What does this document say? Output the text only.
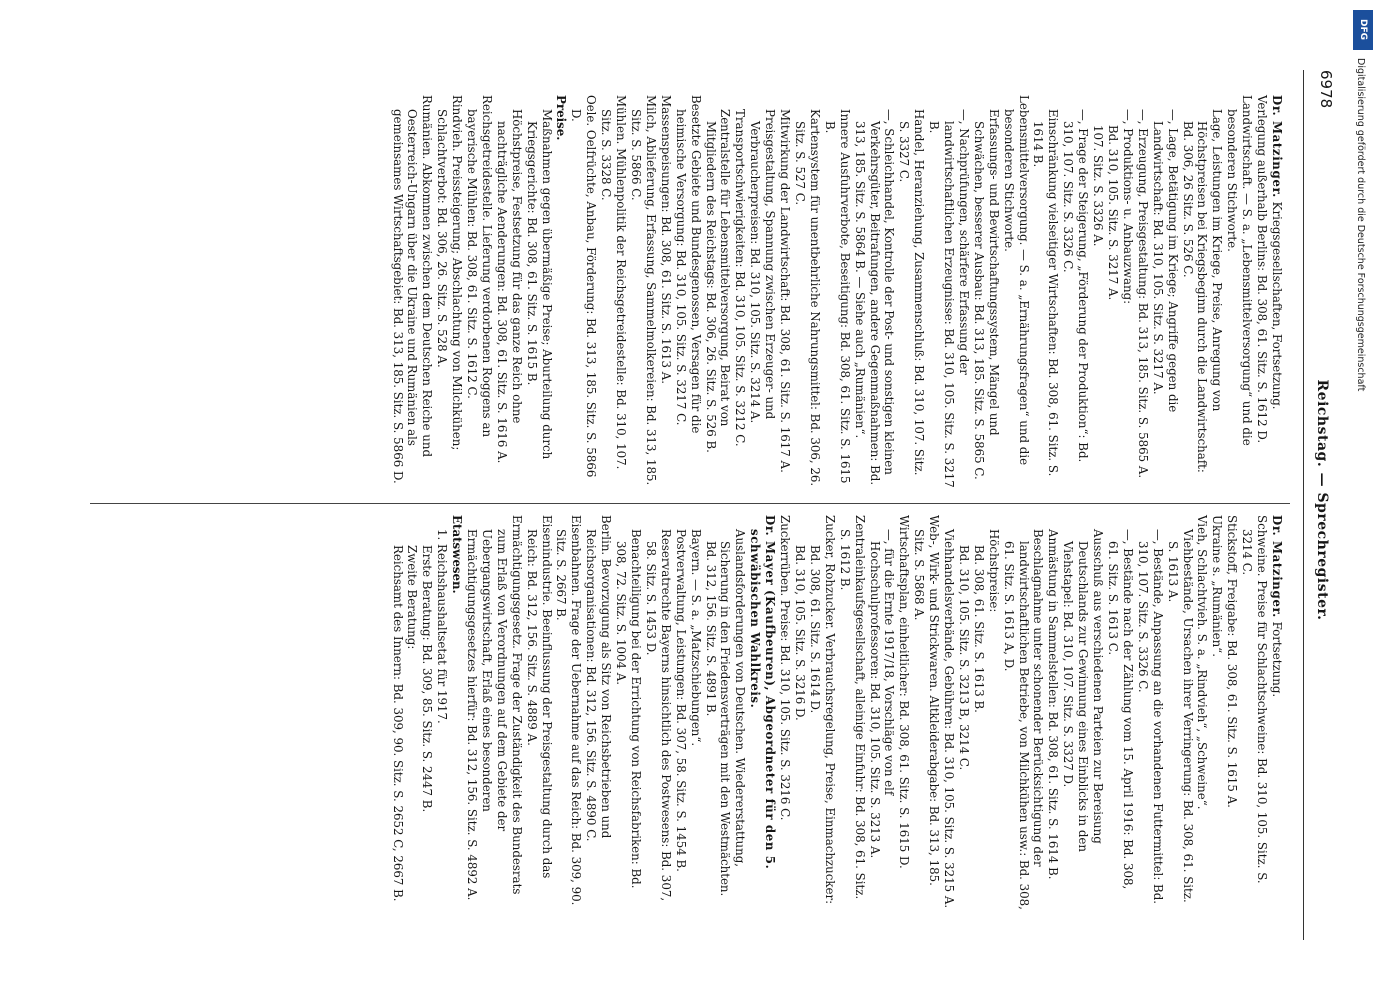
6978
Reichstag. — Sprechregister.

Dr. Matzinger. Kriegsgesellschaften, Fortsetzung.

Verlegung außerhalb Berlins: Bd. 308, 61. Sitz. S. 1612 D.

Landwirtschaft. — S. a. „Lebensmittelversorgung“ und die besonderen Stichworte.

Lage, Leistungen im Kriege, Preise, Anregung von Höchstpreisen bei Kriegsbeginn durch die Landwirtschaft: Bd. 306, 26 Sitz. S. 526 C.

—, Lage, Betätigung im Kriege; Angriffe gegen die Landwirtschaft: Bd. 310, 105. Sitz. S. 3217 A.

—, Erzeugung, Preisgestaltung: Bd. 313, 185. Sitz. S. 5865 A.

—, Produktions- u. Anbauzwang:

Bd. 310, 105. Sitz. S. 3217 A.

107. Sitz. S. 3326 A.

—, Frage der Steigerung, „Förderung der Produktion“: Bd. 310, 107. Sitz. S. 3326 C.

Einschränkung vielseitiger Wirtschaften: Bd. 308, 61. Sitz. S. 1614 B.

Lebensmittelversorgung. — S. a. „Ernährungsfragen“ und die besonderen Stichworte.

Erfassungs- und Bewirtschaftungssystem, Mängel und Schwächen, besserer Ausbau: Bd. 313, 185. Sitz. S. 5865 C.

—, Nachprüfungen, schärfere Erfassung der landwirtschaftlichen Erzeugnisse: Bd. 310, 105. Sitz. S. 3217 B.

Handel, Heranziehung, Zusammenschluß: Bd. 310, 107. Sitz. S. 3327 C.

—, Schleichhandel, Kontrolle der Post- und sonstigen kleinen Verkehrsgüter, Beitrafungen, andere Gegenmaßnahmen: Bd. 313, 185. Sitz. S. 5864 B. — Siehe auch „Rumänien“.

Innere Ausfuhrverbote, Beseitigung: Bd. 308, 61. Sitz. S. 1615 B.

Kartensystem für unentbehrliche Nahrungsmittel: Bd. 306, 26. Sitz. S. 527 C.

Mitwirkung der Landwirtschaft: Bd. 308, 61. Sitz. S. 1617 A.

Preisgestaltung, Spannung zwischen Erzeuger- und Verbraucherpreisen: Bd. 310, 105. Sitz. S. 3214 A.

Transportschwierigkeiten: Bd. 310, 105. Sitz. S. 3212 C.

Zentralstelle für Lebensmittelversorgung, Beirat von Mitgliedern des Reichstags: Bd. 306, 26. Sitz. S. 526 B.

Besetzte Gebiete und Bundesgenossen, Versagen für die heimische Versorgung: Bd. 310, 105. Sitz. S. 3217 C.

Massenspeisungen: Bd. 308, 61. Sitz. S. 1613 A.

Milch, Ablieferung, Erfassung, Sammelmolkereien: Bd. 313, 185. Sitz. S. 5866 C.

Mühlen. Mühlenpolitik der Reichsgetreidestelle: Bd. 310, 107. Sitz. S. 3328 C.

Oele. Oelfrüchte, Anbau, Förderung: Bd. 313, 185. Sitz. S. 5866 D.

Preise.

Maßnahmen gegen übermäßige Preise; Aburteilung durch Kriegsgerichte: Bd. 308, 61. Sitz. S. 1615 B.

Höchstpreise, Festsetzung für das ganze Reich ohne nachträgliche Aenderungen: Bd. 308, 61. Sitz. S. 1616 A.

Reichsgetreidestelle. Lieferung verdorbenen Roggens an bayerische Mühlen: Bd. 308, 61. Sitz. S. 1612 C.

Rindvieh. Preissteigerung; Abschlachtung von Milchkühen; Schlachtverbot: Bd. 306, 26. Sitz. S. 528 A.

Rumänien. Abkommen zwischen dem Deutschen Reiche und Oesterreich-Ungarn über die Ukraine und Rumänien als gemeinsames Wirtschaftsgebiet: Bd. 313, 185. Sitz. S. 5866 D.

Dr. Matzinger. Fortsetzung.

Schweine. Preise für Schlachtschweine: Bd. 310, 105. Sitz. S. 3214 C.

Stickstoff, Freigabe: Bd. 308, 61. Sitz. S. 1615 A.

Ukraine s. „Rumänien“.

Vieh, Schlachtvieh. S. a. „Rindvieh“, „Schweine“.

Viehbestände, Ursachen ihrer Verringerung: Bd. 308, 61. Sitz. S. 1613 A.

—, Bestände, Anpassung an die vorhandenen Futtermittel: Bd. 310, 107. Sitz. S. 3326 C.

—, Bestände nach der Zählung vom 15. April 1916: Bd. 308, 61. Sitz. S. 1613 C.

Ausschuß aus verschiedenen Parteien zur Bereisung Deutschlands zur Gewinnung eines Einblicks in den Viehstapel: Bd. 310, 107. Sitz. S. 3327 D.

Anmästung in Sammelstellen: Bd. 308, 61. Sitz. S. 1614 B.

Beschlagnahme unter schonender Berücksichtigung der landwirtschaftlichen Betriebe, von Milchkühen usw.: Bd. 308, 61. Sitz. S. 1613 A, D.

Höchstpreise:

Bd. 308, 61. Sitz. S. 1613 B.

Bd. 310, 105. Sitz. S. 3213 B, 3214 C.

Viehhandelsverbände, Gebühren: Bd. 310, 105. Sitz. S. 3215 A.

Web-, Wirk- und Strickwaren. Altkleiderabgabe: Bd. 313, 185. Sitz. S. 5868 A.

Wirtschaftsplan, einheitlicher: Bd. 308, 61. Sitz. S. 1615 D.

—, für die Ernte 1917/18, Vorschläge von elf Hochschulprofessoren: Bd. 310, 105. Sitz. S. 3213 A.

Zentraleinkaufsgesellschaft, alleinige Einfuhr: Bd. 308, 61. Sitz. S. 1612 B.

Zucker, Rohzucker. Verbrauchsregelung, Preise, Einmachzucker:

Bd. 308, 61. Sitz. S. 1614 D.

Bd. 310, 105. Sitz. S. 3216 D.

Zuckerrüben. Preise: Bd. 310, 105. Sitz. S. 3216 C.

Dr. Mayer (Kaufbeuren), Abgeordneter für den 5. schwäbischen Wahlkreis.

Auslandsforderungen von Deutschen. Wiedererstattung, Sicherung in den Friedensverträgen mit den Westmächten. Bd. 312, 156. Sitz. S. 4891 B.

Bayern. — S. a. „Matzschiebungen“.

Postverwaltung, Leistungen: Bd. 307, 58. Sitz. S. 1454 B.

Reservatrechte Bayerns hinsichtlich des Postwesens: Bd. 307, 58. Sitz. S. 1453 D.

Benachteiligung bei der Errichtung von Reichsfabriken: Bd. 308, 72. Sitz. S. 1004 A.

Berlin. Bevorzugung als Sitz von Reichsbetrieben und Reichsorganisationen: Bd. 312, 156. Sitz. S. 4890 C.

Eisenbahnen. Frage der Uebernahme auf das Reich: Bd. 309, 90. Sitz. S. 2667 B.

Eisenindustrie. Beeinflussung der Preisgestaltung durch das Reich: Bd. 312, 156. Sitz. S. 4889 A.

Ermächtigungsgesetz. Frage der Zuständigkeit des Bundesrats zum Erlaß von Verordnungen auf dem Gebiete der Uebergangswirtschaft, Erlaß eines besonderen Ermächtigungsgesetzes hierfür: Bd. 312, 156. Sitz. S. 4892 A.

Etatswesen.

1. Reichshaushaltsetat für 1917.

Erste Beratung: Bd. 309, 85. Sitz. S. 2447 B.

Zweite Beratung:

Reichsamt des Innern: Bd. 309, 90. Sitz. S. 2652 C, 2667 B.

DFG
Digitalisierung gefördert durch die Deutsche Forschungsgemeinschaft
